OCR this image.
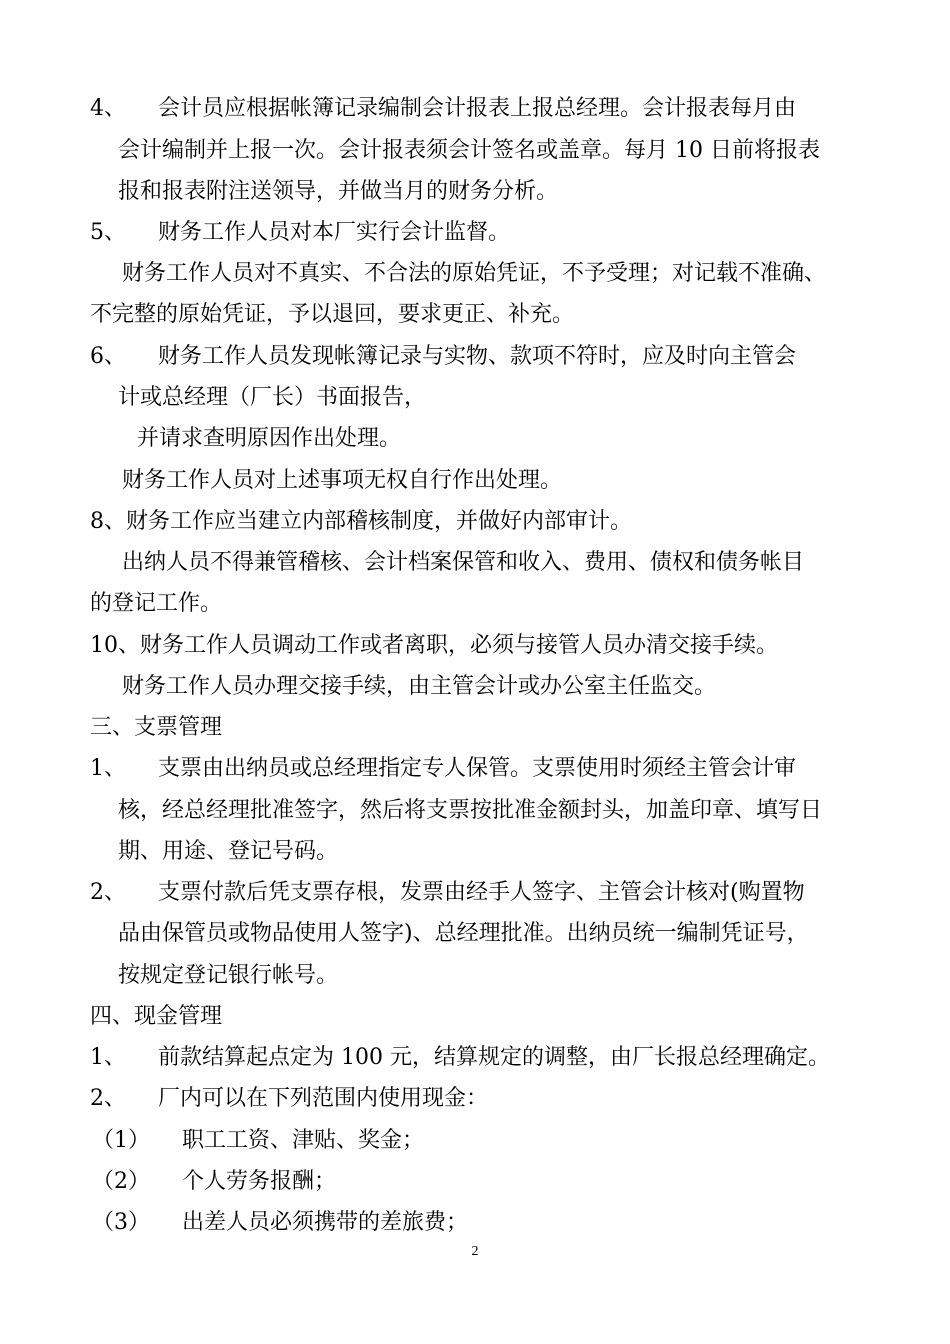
4、 会计员应根据帐簿记录编制会计报表上报总经理。会计报表每月由
会计编制并上报一次。会计报表须会计签名或盖章。每月 10 日前将报表
报和报表附注送领导，并做当月的财务分析。
5、 财务工作人员对本厂实行会计监督。
财务工作人员对不真实、不合法的原始凭证，不予受理；对记载不准确、
不完整的原始凭证，予以退回，要求更正、补充。
6、 财务工作人员发现帐簿记录与实物、款项不符时，应及时向主管会
计或总经理（厂长）书面报告，
并请求查明原因作出处理。
财务工作人员对上述事项无权自行作出处理。
8、财务工作应当建立内部稽核制度，并做好内部审计。
出纳人员不得兼管稽核、会计档案保管和收入、费用、债权和债务帐目
的登记工作。
10、财务工作人员调动工作或者离职，必须与接管人员办清交接手续。
财务工作人员办理交接手续，由主管会计或办公室主任监交。
三、支票管理
1、 支票由出纳员或总经理指定专人保管。支票使用时须经主管会计审
核，经总经理批准签字，然后将支票按批准金额封头，加盖印章、填写日
期、用途、登记号码。
2、 支票付款后凭支票存根，发票由经手人签字、主管会计核对(购置物
品由保管员或物品使用人签字)、总经理批准。出纳员统一编制凭证号，
按规定登记银行帐号。
四、现金管理
1、 前款结算起点定为 100 元，结算规定的调整，由厂长报总经理确定。
2、 厂内可以在下列范围内使用现金：
（1） 职工工资、津贴、奖金；
（2） 个人劳务报酬；
（3） 出差人员必须携带的差旅费；
2
